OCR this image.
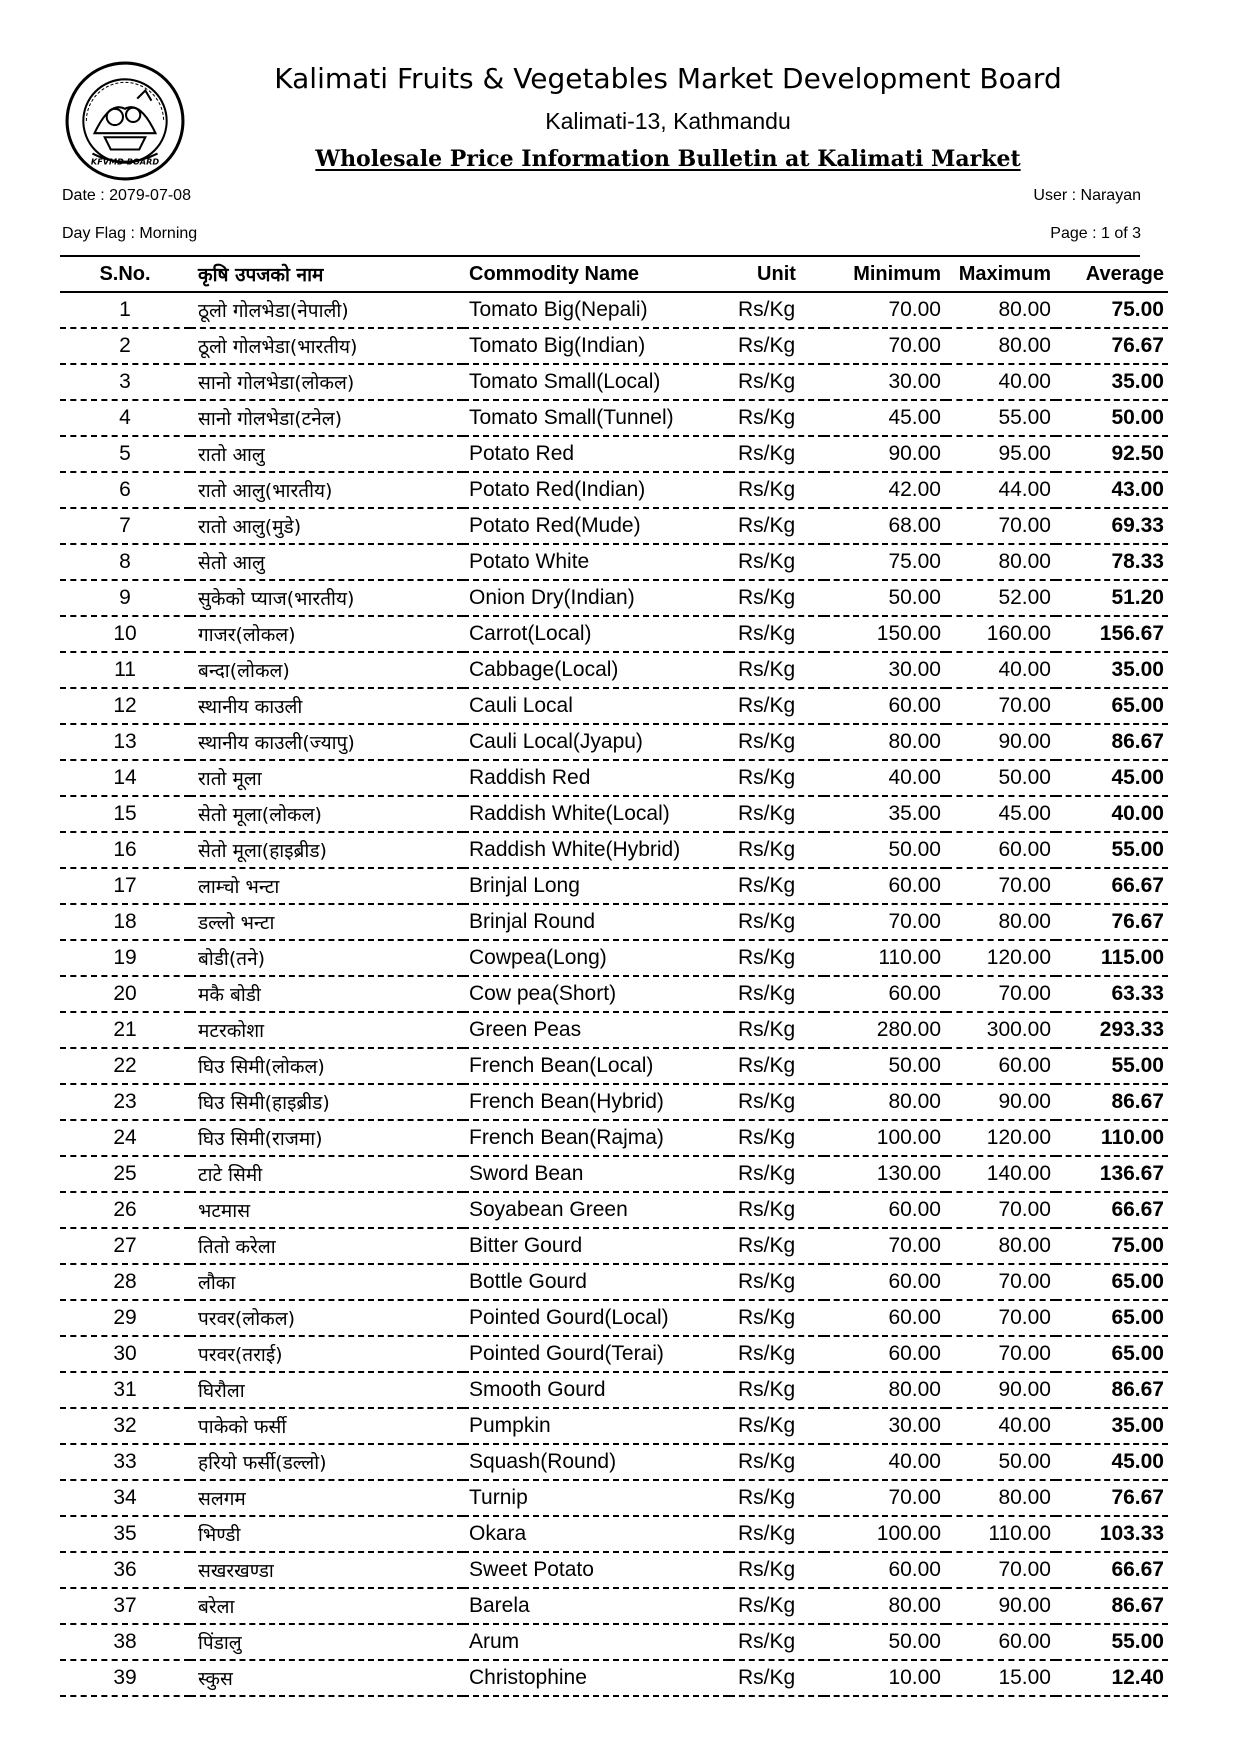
KFVMD BOARD
Kalimati Fruits & Vegetables Market Development Board
Kalimati-13, Kathmandu
Wholesale Price Information Bulletin at Kalimati Market
Date : 2079-07-08	User : Narayan
Day Flag : Morning	Page : 1 of 3
S.No.	कृषि उपजको नाम	Commodity Name	Unit	Minimum	Maximum	Average
1	ठूलो गोलभेडा(नेपाली)	Tomato Big(Nepali)	Rs/Kg	70.00	80.00	75.00
2	ठूलो गोलभेडा(भारतीय)	Tomato Big(Indian)	Rs/Kg	70.00	80.00	76.67
3	सानो गोलभेडा(लोकल)	Tomato Small(Local)	Rs/Kg	30.00	40.00	35.00
4	सानो गोलभेडा(टनेल)	Tomato Small(Tunnel)	Rs/Kg	45.00	55.00	50.00
5	रातो आलु	Potato Red	Rs/Kg	90.00	95.00	92.50
6	रातो आलु(भारतीय)	Potato Red(Indian)	Rs/Kg	42.00	44.00	43.00
7	रातो आलु(मुडे)	Potato Red(Mude)	Rs/Kg	68.00	70.00	69.33
8	सेतो आलु	Potato White	Rs/Kg	75.00	80.00	78.33
9	सुकेको प्याज(भारतीय)	Onion Dry(Indian)	Rs/Kg	50.00	52.00	51.20
10	गाजर(लोकल)	Carrot(Local)	Rs/Kg	150.00	160.00	156.67
11	बन्दा(लोकल)	Cabbage(Local)	Rs/Kg	30.00	40.00	35.00
12	स्थानीय काउली	Cauli Local	Rs/Kg	60.00	70.00	65.00
13	स्थानीय काउली(ज्यापु)	Cauli Local(Jyapu)	Rs/Kg	80.00	90.00	86.67
14	रातो मूला	Raddish Red	Rs/Kg	40.00	50.00	45.00
15	सेतो मूला(लोकल)	Raddish White(Local)	Rs/Kg	35.00	45.00	40.00
16	सेतो मूला(हाइब्रीड)	Raddish White(Hybrid)	Rs/Kg	50.00	60.00	55.00
17	लाम्चो भन्टा	Brinjal Long	Rs/Kg	60.00	70.00	66.67
18	डल्लो भन्टा	Brinjal Round	Rs/Kg	70.00	80.00	76.67
19	बोडी(तने)	Cowpea(Long)	Rs/Kg	110.00	120.00	115.00
20	मकै बोडी	Cow pea(Short)	Rs/Kg	60.00	70.00	63.33
21	मटरकोशा	Green Peas	Rs/Kg	280.00	300.00	293.33
22	घिउ सिमी(लोकल)	French Bean(Local)	Rs/Kg	50.00	60.00	55.00
23	घिउ सिमी(हाइब्रीड)	French Bean(Hybrid)	Rs/Kg	80.00	90.00	86.67
24	घिउ सिमी(राजमा)	French Bean(Rajma)	Rs/Kg	100.00	120.00	110.00
25	टाटे सिमी	Sword Bean	Rs/Kg	130.00	140.00	136.67
26	भटमास	Soyabean Green	Rs/Kg	60.00	70.00	66.67
27	तितो करेला	Bitter Gourd	Rs/Kg	70.00	80.00	75.00
28	लौका	Bottle Gourd	Rs/Kg	60.00	70.00	65.00
29	परवर(लोकल)	Pointed Gourd(Local)	Rs/Kg	60.00	70.00	65.00
30	परवर(तराई)	Pointed Gourd(Terai)	Rs/Kg	60.00	70.00	65.00
31	घिरौला	Smooth Gourd	Rs/Kg	80.00	90.00	86.67
32	पाकेको फर्सी	Pumpkin	Rs/Kg	30.00	40.00	35.00
33	हरियो फर्सी(डल्लो)	Squash(Round)	Rs/Kg	40.00	50.00	45.00
34	सलगम	Turnip	Rs/Kg	70.00	80.00	76.67
35	भिण्डी	Okara	Rs/Kg	100.00	110.00	103.33
36	सखरखण्डा	Sweet Potato	Rs/Kg	60.00	70.00	66.67
37	बरेला	Barela	Rs/Kg	80.00	90.00	86.67
38	पिंडालु	Arum	Rs/Kg	50.00	60.00	55.00
39	स्कुस	Christophine	Rs/Kg	10.00	15.00	12.40
